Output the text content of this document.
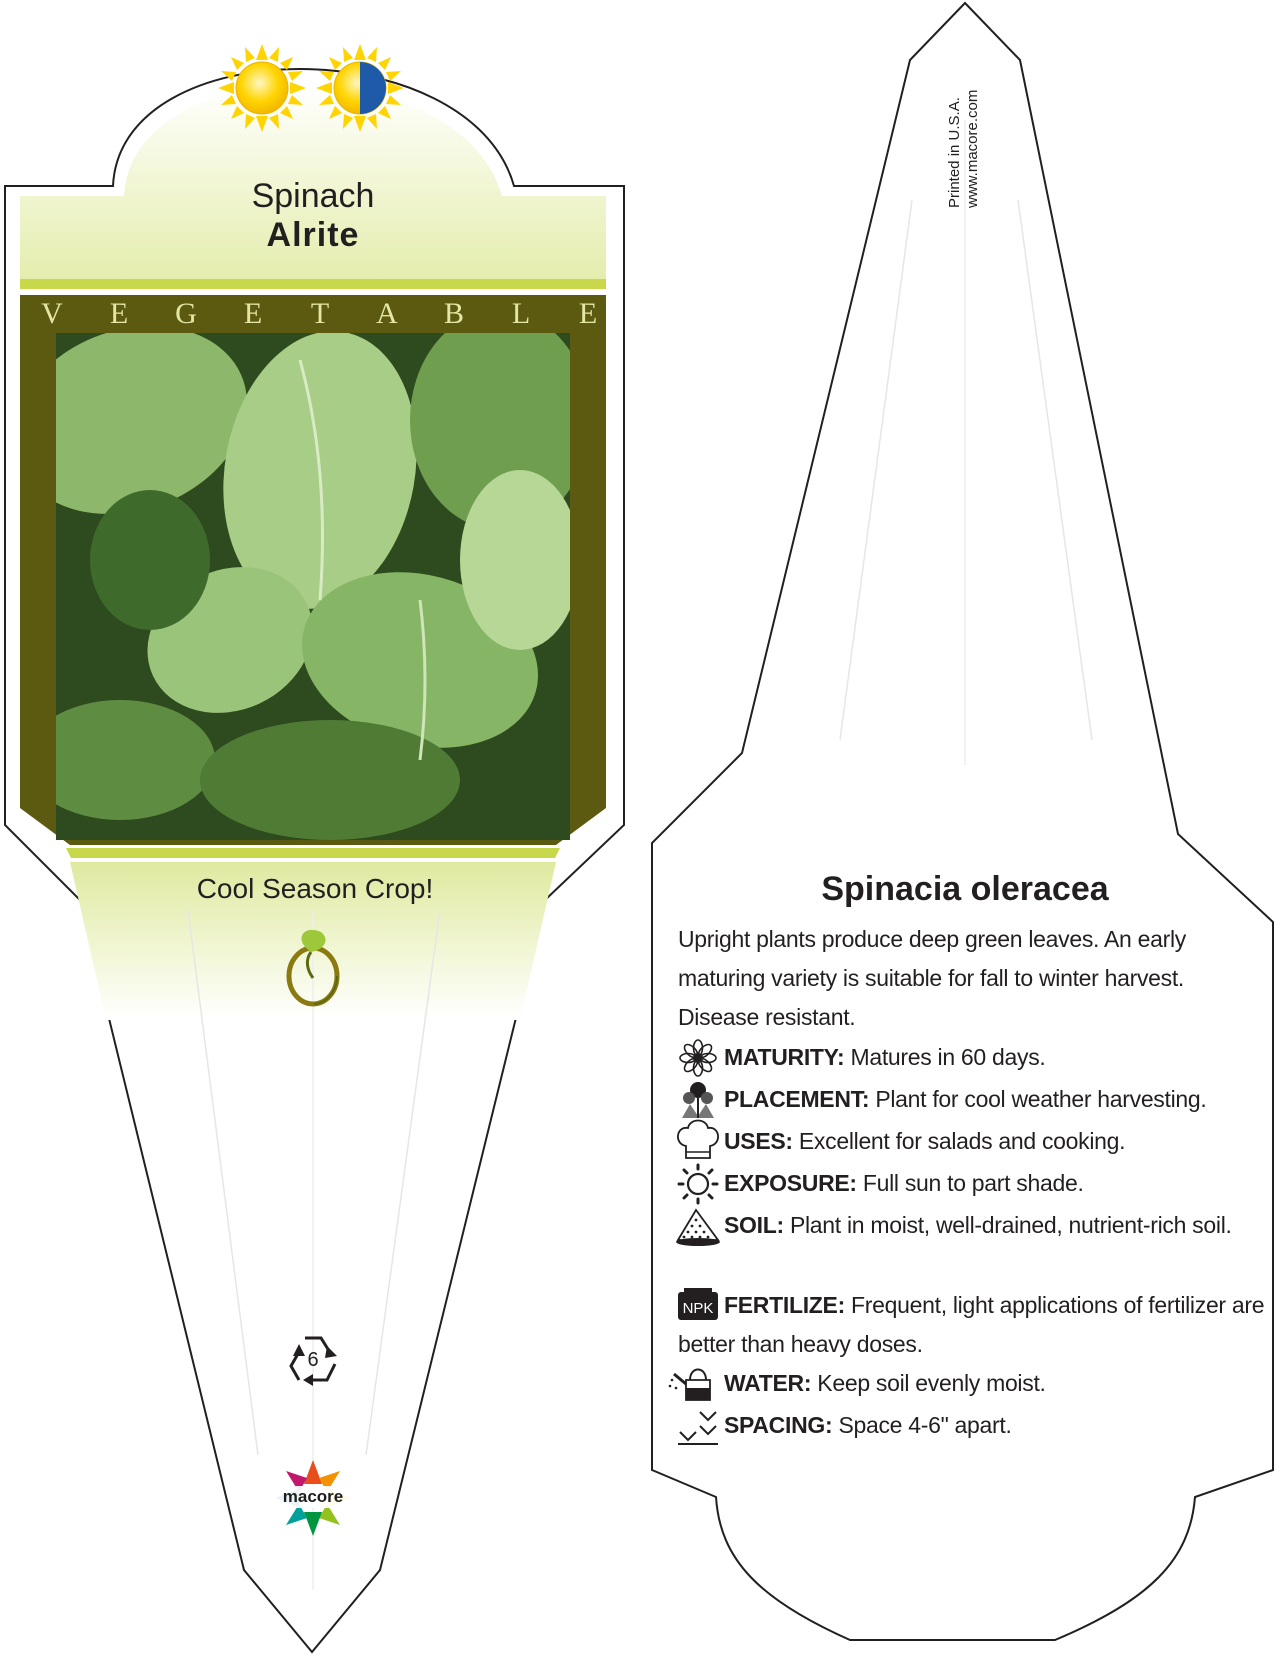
NPK
Spinach
Alrite
V E G E T A B L E
Cool Season Crop!
6
macore
Printed in U.S.A. www.macore.com
Spinacia oleracea
Upright plants produce deep green leaves. An early maturing variety is suitable for fall to winter harvest. Disease resistant.
MATURITY: Matures in 60 days.
PLACEMENT: Plant for cool weather harvesting.
USES: Excellent for salads and cooking.
EXPOSURE: Full sun to part shade.
SOIL: Plant in moist, well-drained, nutrient-rich soil.
FERTILIZE: Frequent, light applications of fertilizer are better than heavy doses.
WATER: Keep soil evenly moist.
SPACING: Space 4-6" apart.
